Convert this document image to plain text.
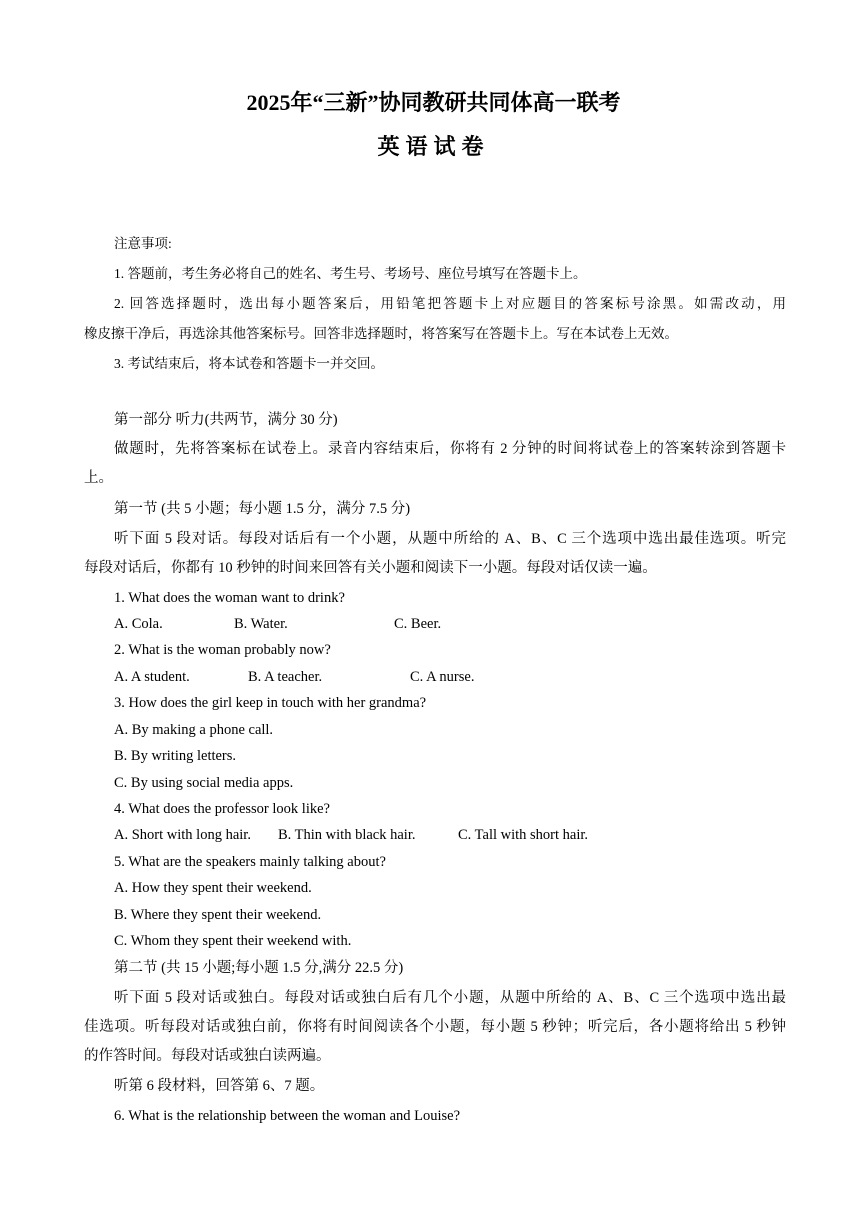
2025年“三新”协同教研共同体高一联考
英语试卷

注意事项:

1. 答题前，考生务必将自己的姓名、考生号、考场号、座位号填写在答题卡上。

2. 回答选择题时，选出每小题答案后，用铅笔把答题卡上对应题目的答案标号涂黑。如需改动，用

橡皮擦干净后，再选涂其他答案标号。回答非选择题时，将答案写在答题卡上。写在本试卷上无效。

3. 考试结束后，将本试卷和答题卡一并交回。

第一部分 听力(共两节，满分 30 分)

做题时，先将答案标在试卷上。录音内容结束后，你将有 2 分钟的时间将试卷上的答案转涂到答题卡

上。

第一节 (共 5 小题；每小题 1.5 分，满分 7.5 分)

听下面 5 段对话。每段对话后有一个小题，从题中所给的 A、B、C 三个选项中选出最佳选项。听完

每段对话后，你都有 10 秒钟的时间来回答有关小题和阅读下一小题。每段对话仅读一遍。

1. What does the woman want to drink?

A. Cola.	B. Water.	C. Beer.

2. What is the woman probably now?

A. A student.	B. A teacher.	C. A nurse.

3. How does the girl keep in touch with her grandma?

A. By making a phone call.

B. By writing letters.

C. By using social media apps.

4. What does the professor look like?

A. Short with long hair. B. Thin with black hair.	C. Tall with short hair.

5. What are the speakers mainly talking about?

A. How they spent their weekend.

B. Where they spent their weekend.

C. Whom they spent their weekend with.

第二节 (共 15 小题;每小题 1.5 分,满分 22.5 分)

听下面 5 段对话或独白。每段对话或独白后有几个小题，从题中所给的 A、B、C 三个选项中选出最

佳选项。听每段对话或独白前，你将有时间阅读各个小题，每小题 5 秒钟；听完后，各小题将给出 5 秒钟

的作答时间。每段对话或独白读两遍。

听第 6 段材料，回答第 6、7 题。

6. What is the relationship between the woman and Louise?
